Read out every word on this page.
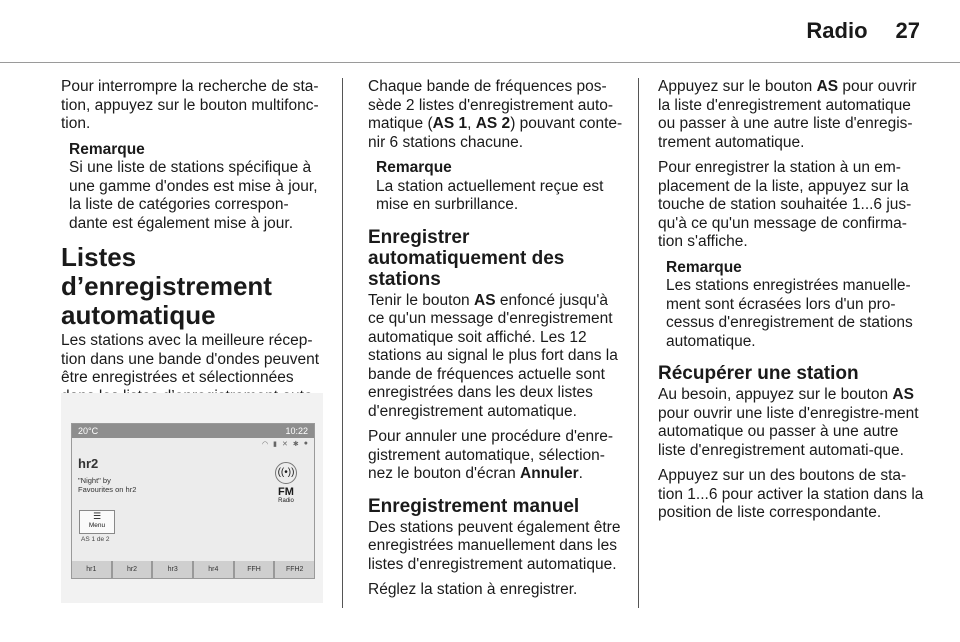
Radio 27

Pour interrompre la recherche de sta-tion, appuyez sur le bouton multifonc-tion.

Remarque
Si une liste de stations spécifique à une gamme d'ondes est mise à jour, la liste de catégories correspon-dante est également mise à jour.
Listes d’enregistrement automatique

Les stations avec la meilleure récep-tion dans une bande d'ondes peuvent être enregistrées et sélectionnées

20°C	10:22
◠ ▮ ✕ ✱ ●
hr2
"Night" by
Favourites on hr2
((•))
FM
Radio
☰
Menu
AS 1 de 2
hr1	hr2	hr3	hr4	FFH	FFH2

Chaque bande de fréquences pos-sède 2 listes d'enregistrement auto-matique (AS 1, AS 2) pouvant conte-nir 6 stations chacune.

Remarque
La station actuellement reçue est mise en surbrillance.
Enregistrer automatiquement des stations

Tenir le bouton AS enfoncé jusqu'à ce qu'un message d'enregistrement automatique soit affiché. Les 12 stations au signal le plus fort dans la bande de fréquences actuelle sont enregistrées dans les deux listes d'enregistrement automatique.

Pour annuler une procédure d'enre-gistrement automatique, sélection-nez le bouton d'écran Annuler.

Enregistrement manuel

Des stations peuvent également être enregistrées manuellement dans les listes d'enregistrement automatique.

Réglez la station à enregistrer.

Appuyez sur le bouton AS pour ouvrir la liste d'enregistrement automatique ou passer à une autre liste d'enregis-trement automatique.

Pour enregistrer la station à un em-placement de la liste, appuyez sur la touche de station souhaitée 1...6 jus-qu'à ce qu'un message de confirma-tion s'affiche.

Remarque
Les stations enregistrées manuelle-ment sont écrasées lors d'un pro-cessus d'enregistrement de stations automatique.
Récupérer une station

Au besoin, appuyez sur le bouton AS pour ouvrir une liste d'enregistre-ment automatique ou passer à une autre liste d'enregistrement automati-que.

Appuyez sur un des boutons de sta-tion 1...6 pour activer la station dans la position de liste correspondante.
